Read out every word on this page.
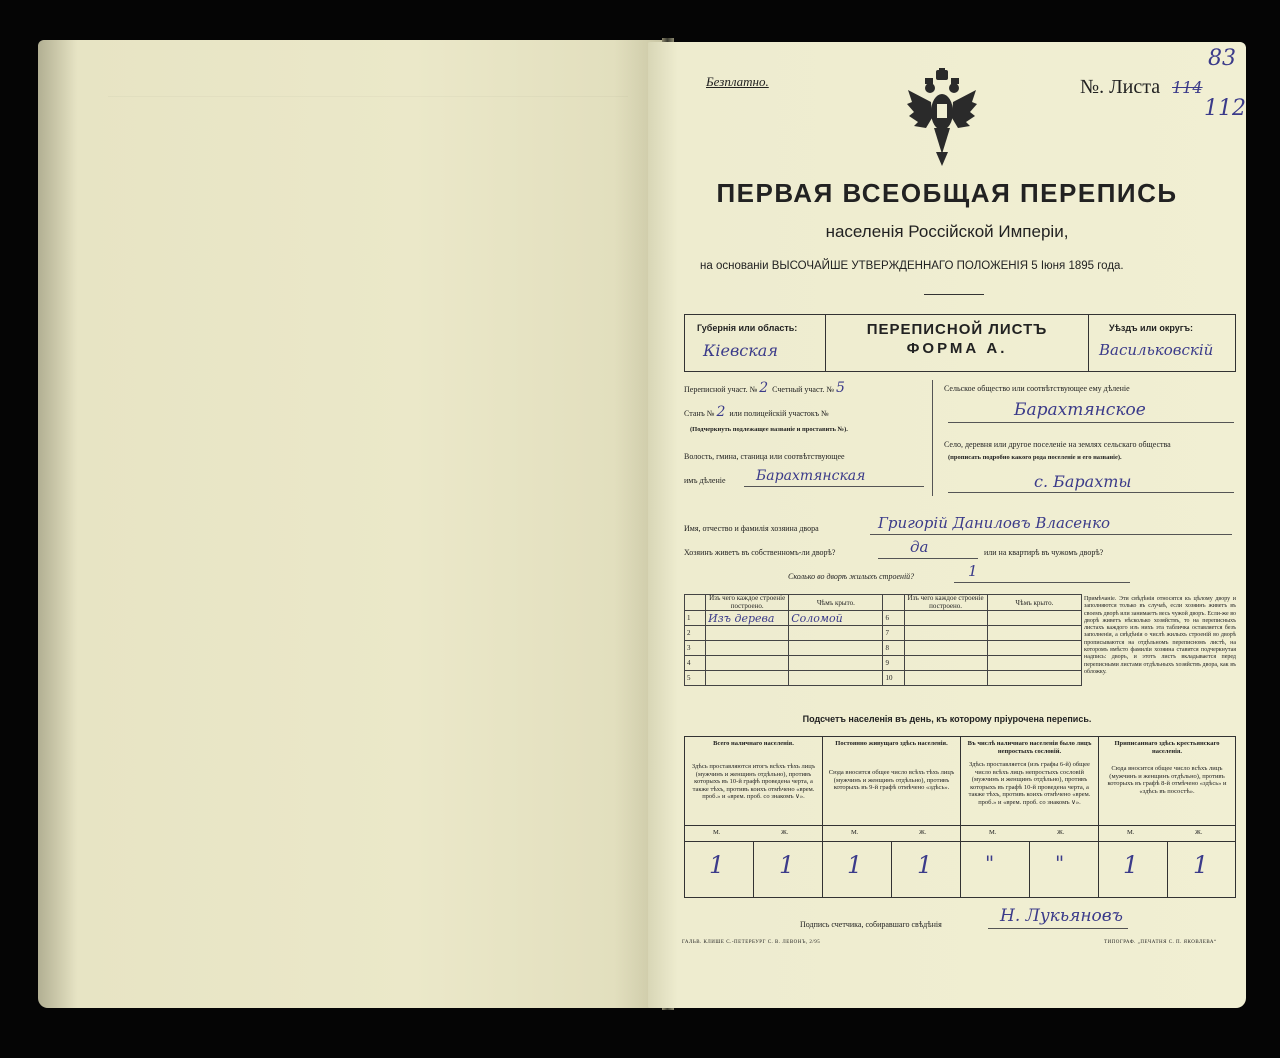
Безплатно.	№. Листа 114
112
83
ПЕРВАЯ ВСЕОБЩАЯ ПЕРЕПИСЬ
населенія Россійской Имперіи,
на основаніи ВЫСОЧАЙШЕ УТВЕРЖДЕННАГО ПОЛОЖЕНІЯ 5 Іюня 1895 года.
Губернія или область:
Кіевская
ПЕРЕПИСНОЙ ЛИСТЪ
ФОРМА А.
Уѣздъ или округъ:
Васильковскій
Переписной участ. № 2 Счетный участ. № 5
Станъ № 2 или полицейскій участокъ №
(Подчеркнуть подлежащее названіе и проставить №).
Волость, гмина, станица или соотвѣтствующее
имъ дѣленіе Барахтянская
Сельское общество или соотвѣтствующее ему дѣленіе
Барахтянское
Село, деревня или другое поселеніе на землях сельскаго общества
(прописать подробно какого рода поселеніе и его названіе).
с. Барахты
Имя, отчество и фамилія хозяина двора	Григорій Даниловъ Власенко
Хозяинъ живетъ въ собственномъ-ли дворѣ?	да	или на квартирѣ въ чужомъ дворѣ?
Сколько во дворѣ жилыхъ строеній?	1
	Изъ чего каждое строеніе построено.	Чѣмъ крыто.		Изъ чего каждое строеніе построено.	Чѣмъ крыто.
1	Изъ дерева	Соломой	6		
2			7		
3			8		
4			9		
5			10		
Примѣчаніе. Эти свѣдѣнія относятся къ цѣлому двору и заполняются только въ случаѣ, если хозяинъ живетъ въ своемъ дворѣ или занимаетъ весь чужой дворъ. Если-же во дворѣ живетъ нѣсколько хозяйствъ, то на переписныхъ листахъ каждого изъ нихъ эта табличка оставляется безъ заполненія, а свѣдѣнія о числѣ жилыхъ строеній во дворѣ прописываются на отдѣльномъ переписномъ листѣ, на которомъ вмѣсто фамиліи хозяина ставится подчеркнутая надпись: дворъ, и этотъ листъ вкладывается перед переписными листами отдѣльныхъ хозяйствъ двора, как въ обложку.
Подсчетъ населенія въ день, къ которому пріурочена перепись.
Всего наличнаго населенія.
Здѣсь проставляются итогъ всѣхъ тѣхъ лицъ (мужчинъ и женщинъ отдѣльно), противъ которыхъ въ 10-й графѣ проведена черта, а также тѣхъ, противъ коихъ отмѣчено «врем. проб.» и «врем. проб. со знакомъ ∨».
М.	Ж.
1 1
Постоянно живущаго здѣсь населенія.
Сюда вносится общее число всѣхъ тѣхъ лицъ (мужчинъ и женщинъ отдѣльно), противъ которыхъ въ 9-й графѣ отмѣчено «здѣсь».
М.	Ж.
1 1
Въ числѣ наличнаго населенія было лицъ непростыхъ сословій.
Здѣсь проставляется (изъ графы 6-й) общее число всѣхъ лицъ непростыхъ сословій (мужчинъ и женщинъ отдѣльно), противъ которыхъ въ графѣ 10-й проведена черта, а также тѣхъ, противъ коихъ отмѣчено «врем. проб.» и «врем. проб. со знакомъ ∨».
М.	Ж.
"	"
Приписаннаго здѣсь крестьянскаго населенія.
Сюда вносится общее число всѣхъ лицъ (мужчинъ и женщинъ отдѣльно), противъ которыхъ въ графѣ 8-й отмѣчено «здѣсь» и «здѣсь въ посостѣ».
М.	Ж.
1 1
Подпись счетчика, собиравшаго свѣдѣнія	Н. Лукьяновъ
ГАЛЬВ. КЛИШЕ С.-ПЕТЕРБУРГ С. В. ЛЕВОНЪ, 2/95	ТИПОГРАФ. „ПЕЧАТНЯ С. П. ЯКОВЛЕВА“
